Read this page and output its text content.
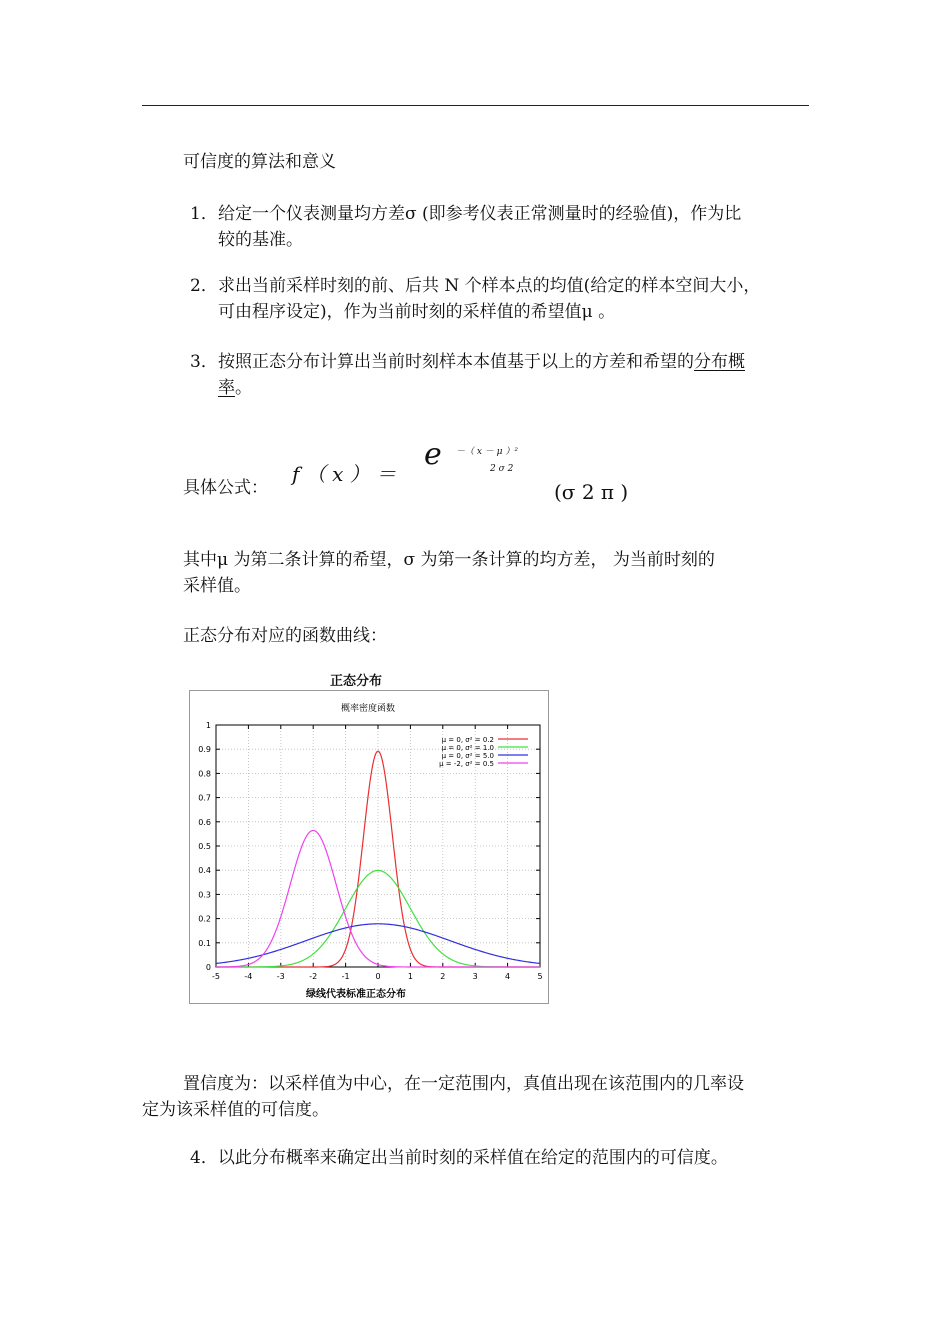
可信度的算法和意义
1． 给定一个仪表测量均方差σ (即参考仪表正常测量时的经验值)，作为比
较的基准。
2． 求出当前采样时刻的前、后共 N 个样本点的均值(给定的样本空间大小，
可由程序设定)，作为当前时刻的采样值的希望值μ 。
3． 按照正态分布计算出当前时刻样本本值基于以上的方差和希望的分布概
率。
具体公式：
f （ x ） ＝
e －（ x － μ ）²
2 σ 2
(σ 2 π )
其中μ 为第二条计算的希望，σ 为第一条计算的均方差， 为当前时刻的
采样值。
正态分布对应的函数曲线：
正态分布
概率密度函数
0
0.1
0.2
0.3
0.4
0.5
0.6
0.7
0.8
0.9
1
-5	-4	-3	-2	-1	0	1	2	3	4	5
μ = 0, σ² = 0.2
μ = 0, σ² = 1.0
μ = 0, σ² = 5.0
μ = -2, σ² = 0.5
绿线代表标准正态分布
置信度为：以采样值为中心，在一定范围内，真值出现在该范围内的几率设
定为该采样值的可信度。
4．以此分布概率来确定出当前时刻的采样值在给定的范围内的可信度。
